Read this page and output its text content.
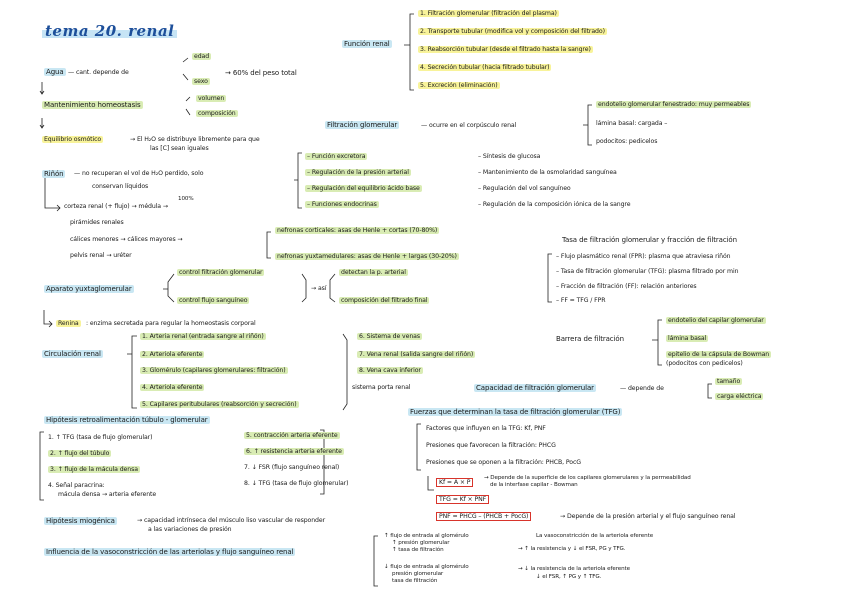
tema 20. renal
Agua — cant. depende de
edad
sexo
→ 60% del peso total
Mantenimiento homeostasis
volumen
composición
Equilibrio osmótico	→ El H₂O se distribuye libremente para que
las [C] sean iguales
Riñón	— no recuperan el vol de H₂O perdido, solo
conservan líquidos
100%
corteza renal (+ flujo) → médula →
pirámides renales
cálices menores → cálices mayores →
pelvis renal → uréter
– Función excretora
– Regulación de la presión arterial
– Regulación del equilibrio ácido base
– Funciones endocrinas
– Síntesis de glucosa
– Mantenimiento de la osmolaridad sanguínea
– Regulación del vol sanguíneo
– Regulación de la composición iónica de la sangre
Función renal
1. Filtración glomerular (filtración del plasma)
2. Transporte tubular (modifica vol y composición del filtrado)
3. Reabsorción tubular (desde el filtrado hasta la sangre)
4. Secreción tubular (hacia filtrado tubular)
5. Excreción (eliminación)
Filtración glomerular	— ocurre en el corpúsculo renal
endotelio glomerular fenestrado: muy permeables
lámina basal: cargada –
podocitos: pedicelos
nefronas corticales: asas de Henle + cortas (70-80%)
nefronas yuxtamedulares: asas de Henle + largas (30-20%)
Tasa de filtración glomerular y fracción de filtración
– Flujo plasmático renal (FPR): plasma que atraviesa riñón
– Tasa de filtración glomerular (TFG): plasma filtrado por min
– Fracción de filtración (FF): relación anteriores
– FF = TFG / FPR
Aparato yuxtaglomerular
control filtración glomerular
control flujo sanguíneo
→ así
detectan la p. arterial
composición del filtrado final
Renina	: enzima secretada para regular la homeostasis corporal
Circulación renal
1. Arteria renal (entrada sangre al riñón)
2. Arteriola eferente
3. Glomérulo (capilares glomerulares: filtración)
4. Arteriola eferente
5. Capilares peritubulares (reabsorción y secreción)
6. Sistema de venas
7. Vena renal (salida sangre del riñón)
8. Vena cava inferior
sistema porta renal
Barrera de filtración
endotelio del capilar glomerular
lámina basal
epitelio de la cápsula de Bowman
(podocitos con pedicelos)
Capacidad de filtración glomerular	— depende de
tamaño
carga eléctrica
Hipótesis retroalimentación túbulo - glomerular
1. ↑ TFG (tasa de flujo glomerular)
2. ↑ flujo del túbulo
3. ↑ flujo de la mácula densa
4. Señal paracrina:
mácula densa → arteria eferente
5. contracción arteria eferente
6. ↑ resistencia arteria eferente
7. ↓ FSR (flujo sanguíneo renal)
8. ↓ TFG (tasa de flujo glomerular)
Fuerzas que determinan la tasa de filtración glomerular (TFG)
Factores que influyen en la TFG: Kf, PNF
Presiones que favorecen la filtración: PHCG
Presiones que se oponen a la filtración: PHCB, PocG
Kf = A × P
→ Depende de la superficie de los capilares glomerulares y la permeabilidad
de la interfase capilar - Bowman
TFG = Kf × PNF
PNF = PHCG – (PHCB + PocG)	→ Depende de la presión arterial y el flujo sanguíneo renal
Hipótesis miogénica	→ capacidad intrínseca del músculo liso vascular de responder
a las variaciones de presión
Influencia de la vasoconstricción de las arteriolas y flujo sanguíneo renal
↑ flujo de entrada al glomérulo
↑ presión glomerular
↑ tasa de filtración
La vasoconstricción de la arteriola eferente
→ ↑ la resistencia y ↓ el FSR, PG y TFG.
↓ flujo de entrada al glomérulo
presión glomerular
tasa de filtración
→ ↓ la resistencia de la arteriola eferente
↓ el FSR, ↑ PG y ↑ TFG.
